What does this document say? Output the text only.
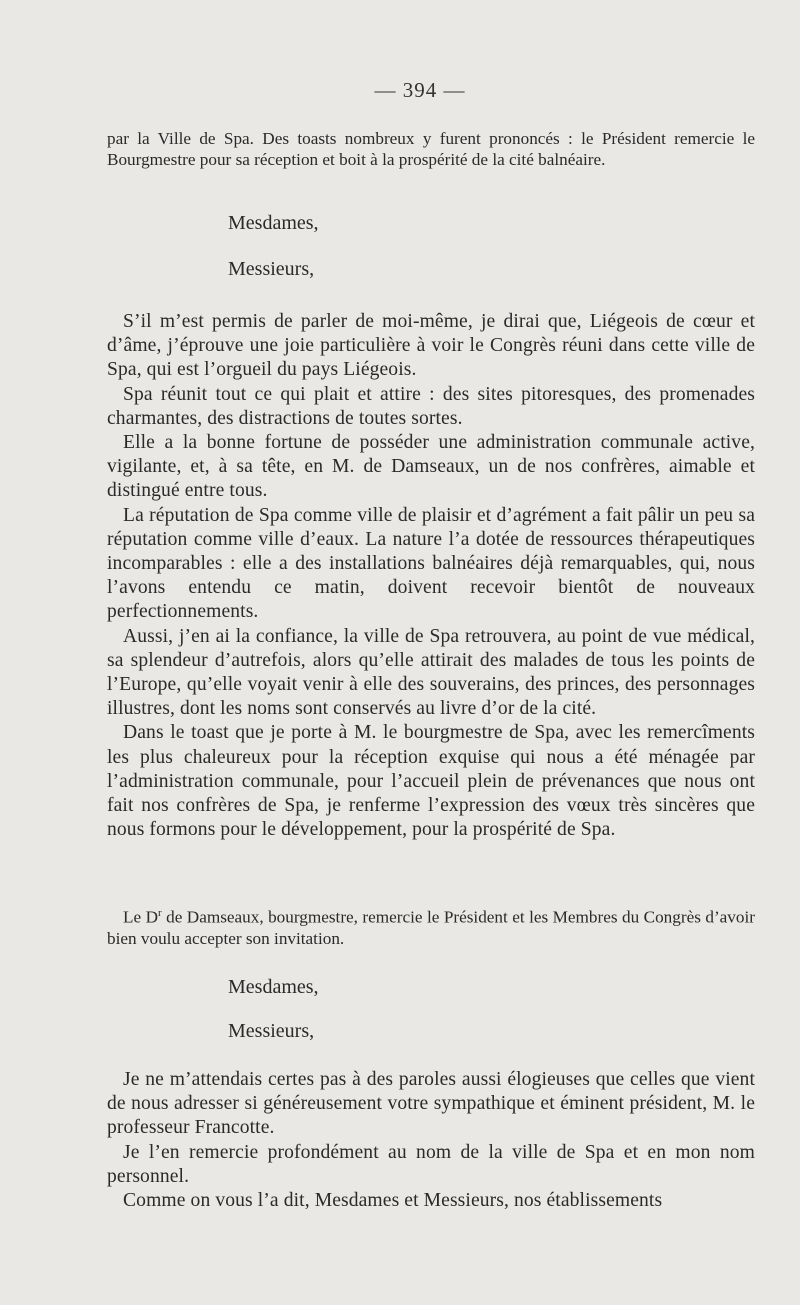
— 394 —

par la Ville de Spa. Des toasts nombreux y furent prononcés : le Président remercie le Bourgmestre pour sa réception et boit à la prospérité de la cité balnéaire.

Mesdames,
Messieurs,

S’il m’est permis de parler de moi-même, je dirai que, Liégeois de cœur et d’âme, j’éprouve une joie particulière à voir le Congrès réuni dans cette ville de Spa, qui est l’orgueil du pays Liégeois.

Spa réunit tout ce qui plait et attire : des sites pitoresques, des promenades charmantes, des distractions de toutes sortes.

Elle a la bonne fortune de posséder une administration communale active, vigilante, et, à sa tête, en M. de Damseaux, un de nos confrères, aimable et distingué entre tous.

La réputation de Spa comme ville de plaisir et d’agrément a fait pâlir un peu sa réputation comme ville d’eaux. La nature l’a dotée de ressources thérapeutiques incomparables : elle a des installations balnéaires déjà remarquables, qui, nous l’avons entendu ce matin, doivent recevoir bientôt de nouveaux perfectionnements.

Aussi, j’en ai la confiance, la ville de Spa retrouvera, au point de vue médical, sa splendeur d’autrefois, alors qu’elle attirait des malades de tous les points de l’Europe, qu’elle voyait venir à elle des souverains, des princes, des personnages illustres, dont les noms sont conservés au livre d’or de la cité.

Dans le toast que je porte à M. le bourgmestre de Spa, avec les remercîments les plus chaleureux pour la réception exquise qui nous a été ménagée par l’administration communale, pour l’accueil plein de prévenances que nous ont fait nos confrères de Spa, je renferme l’expression des vœux très sincères que nous formons pour le développement, pour la prospérité de Spa.

Le $D^r$ de Damseaux, bourgmestre, remercie le Président et les Membres du Congrès d’avoir bien voulu accepter son invitation.
Mesdames,
Messieurs,

Je ne m’attendais certes pas à des paroles aussi élogieuses que celles que vient de nous adresser si généreusement votre sympathique et éminent président, M. le professeur Francotte.

Je l’en remercie profondément au nom de la ville de Spa et en mon nom personnel.

Comme on vous l’a dit, Mesdames et Messieurs, nos établissements
